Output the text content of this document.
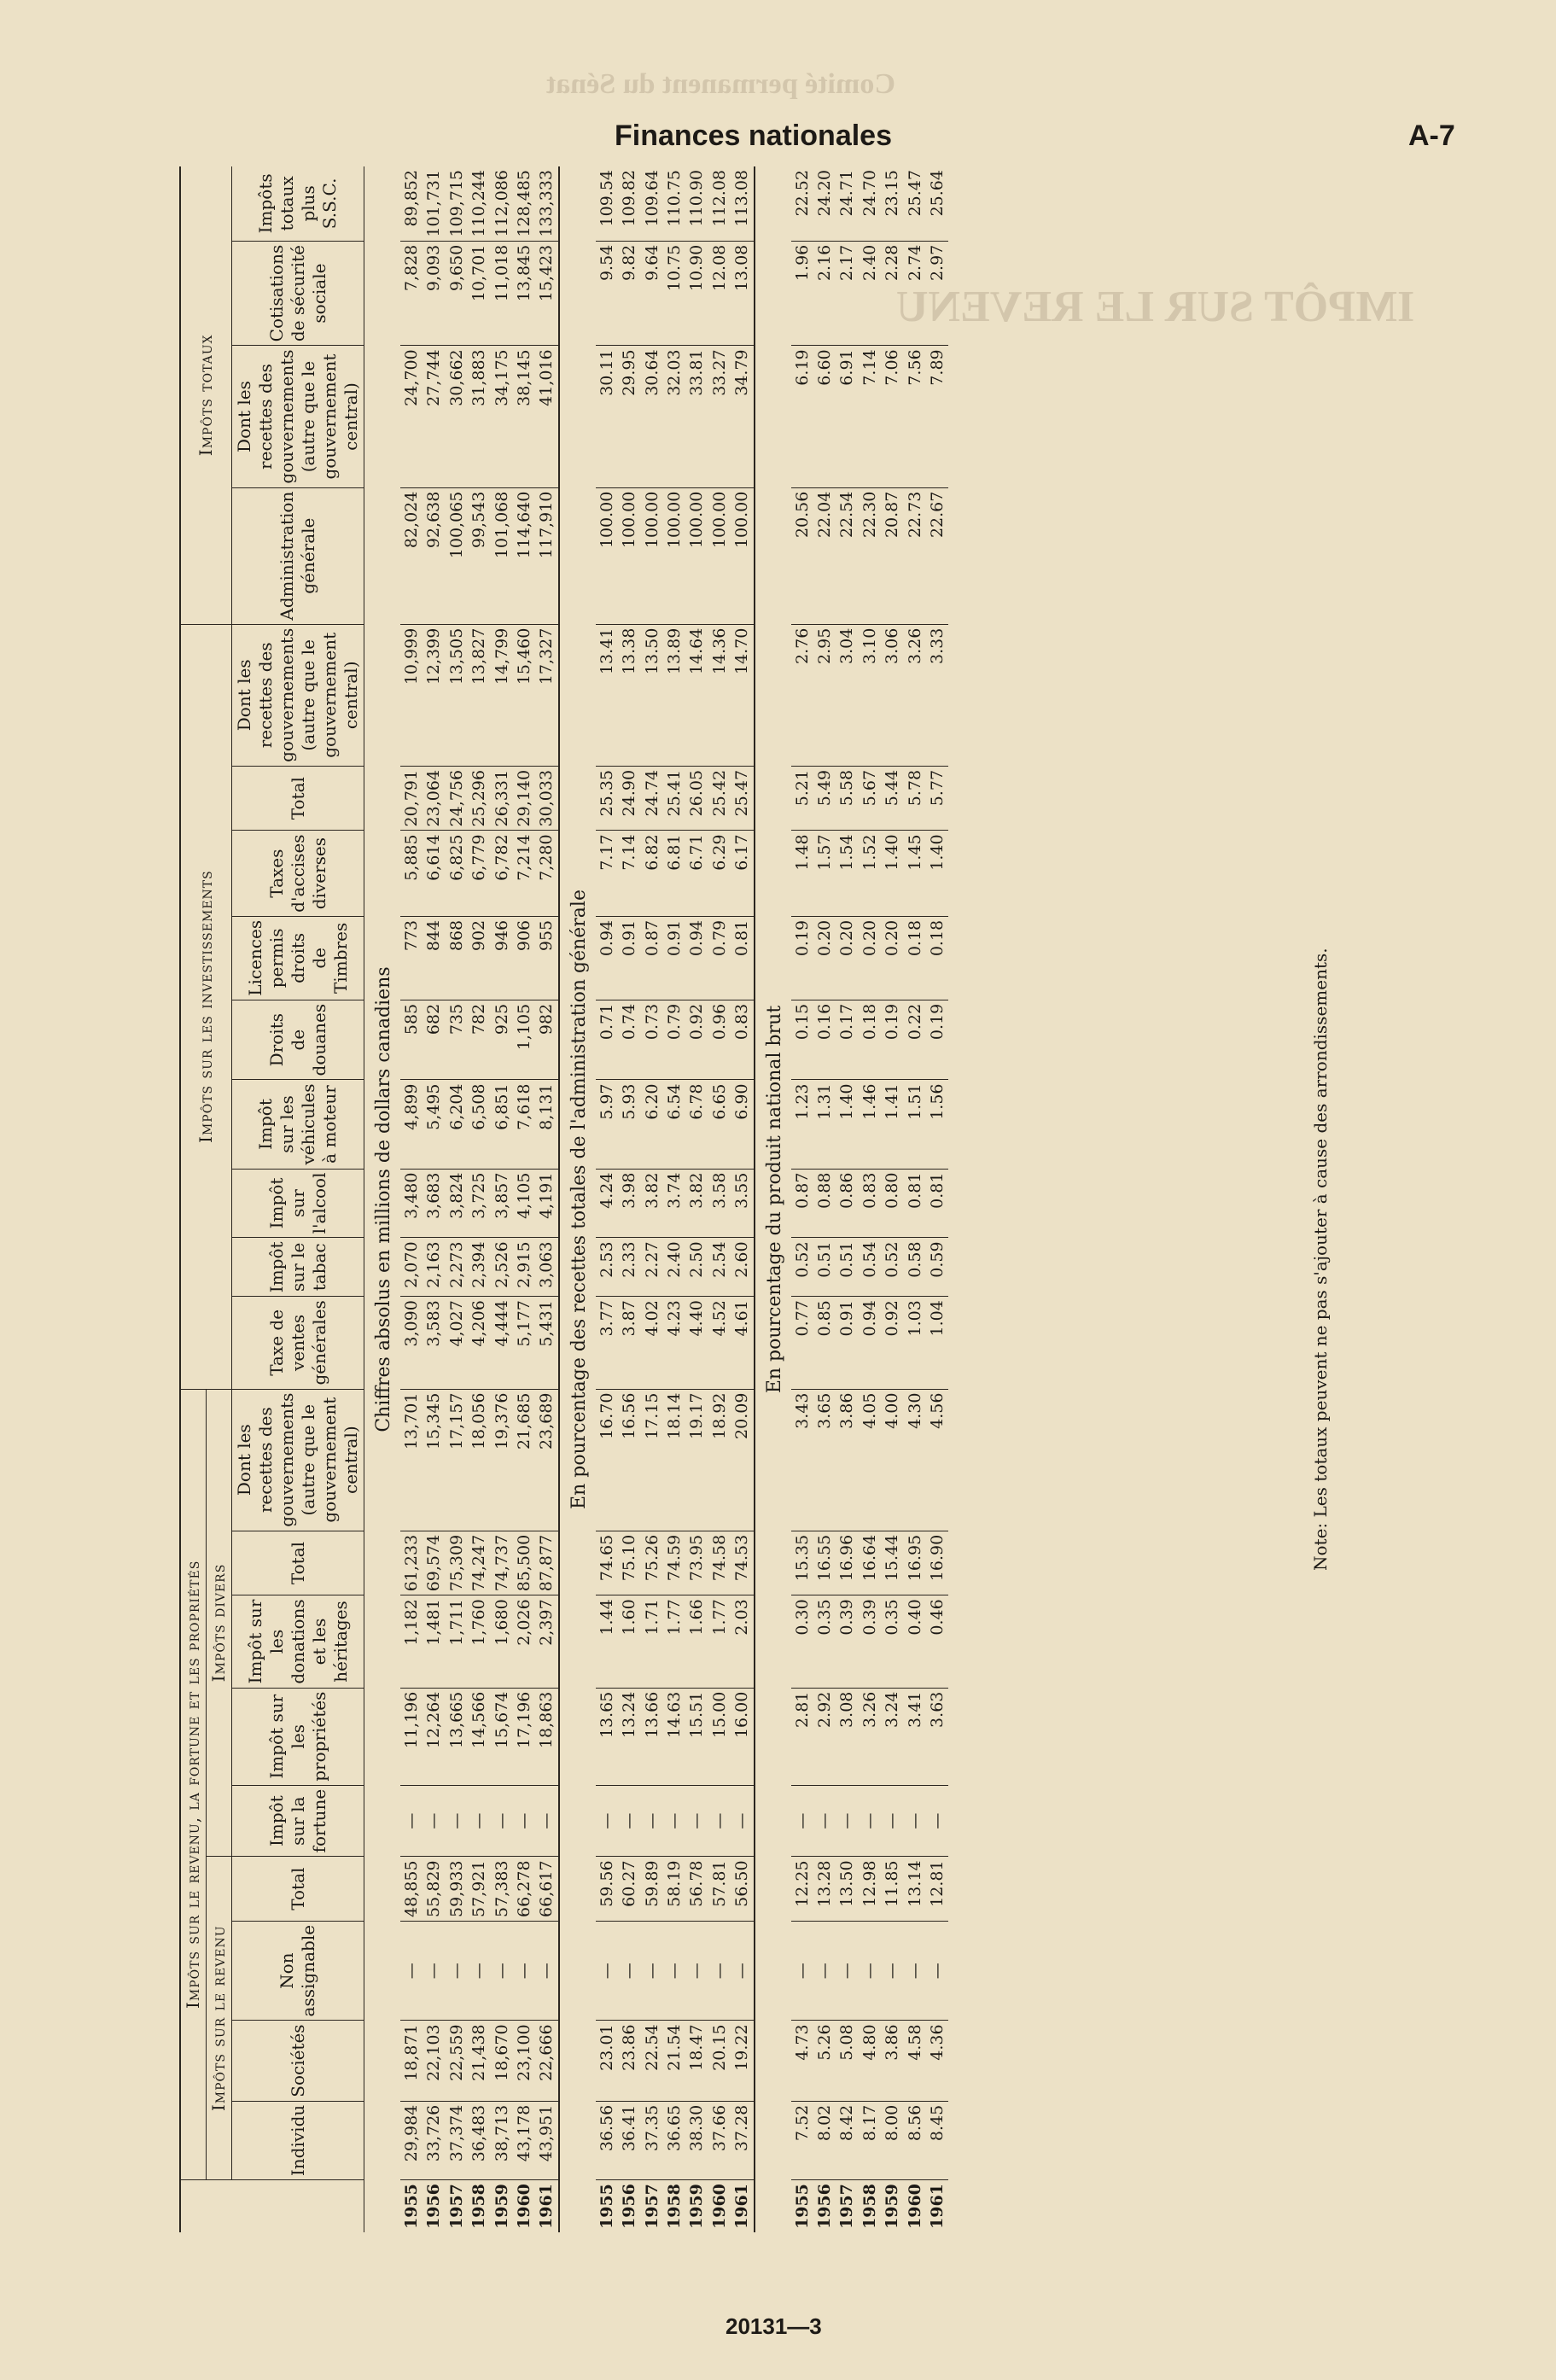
Comité permanent du Sénat
IMPÔT SUR LE REVENU
Finances nationales	A-7
	Impôts sur le revenu, la fortune et les propriétés									Impôts sur les investissements									Impôts totaux			
	Impôts sur le revenu				Impôts divers																	
	Individu	Sociétés	Non assignable	Total	Impôt sur la fortune	Impôt sur les propriétés	Impôt sur les donations et les héritages	Total	Dont les recettes des gouvernements (autre que le gouvernement central)	Taxe de ventes générales	Impôt sur le tabac	Impôt sur l'alcool	Impôt sur les véhicules à moteur	Droits de douanes	Licences permis droits de Timbres	Taxes d'accises diverses	Total	Dont les recettes des gouvernements (autre que le gouvernement central)	Administration générale	Dont les recettes des gouvernements (autre que le gouvernement central)	Cotisations de sécurité sociale	Impôts totaux plus S.S.C.
Chiffres absolus en millions de dollars canadiens																						
1955	29,984	18,871	—	48,855	—	11,196	1,182	61,233	13,701	3,090	2,070	3,480	4,899	585	773	5,885	20,791	10,999	82,024	24,700	7,828	89,852
1956	33,726	22,103	—	55,829	—	12,264	1,481	69,574	15,345	3,583	2,163	3,683	5,495	682	844	6,614	23,064	12,399	92,638	27,744	9,093	101,731
1957	37,374	22,559	—	59,933	—	13,665	1,711	75,309	17,157	4,027	2,273	3,824	6,204	735	868	6,825	24,756	13,505	100,065	30,662	9,650	109,715
1958	36,483	21,438	—	57,921	—	14,566	1,760	74,247	18,056	4,206	2,394	3,725	6,508	782	902	6,779	25,296	13,827	99,543	31,883	10,701	110,244
1959	38,713	18,670	—	57,383	—	15,674	1,680	74,737	19,376	4,444	2,526	3,857	6,851	925	946	6,782	26,331	14,799	101,068	34,175	11,018	112,086
1960	43,178	23,100	—	66,278	—	17,196	2,026	85,500	21,685	5,177	2,915	4,105	7,618	1,105	906	7,214	29,140	15,460	114,640	38,145	13,845	128,485
1961	43,951	22,666	—	66,617	—	18,863	2,397	87,877	23,689	5,431	3,063	4,191	8,131	982	955	7,280	30,033	17,327	117,910	41,016	15,423	133,333
En pourcentage des recettes totales de l'administration générale																						
1955	36.56	23.01	—	59.56	—	13.65	1.44	74.65	16.70	3.77	2.53	4.24	5.97	0.71	0.94	7.17	25.35	13.41	100.00	30.11	9.54	109.54
1956	36.41	23.86	—	60.27	—	13.24	1.60	75.10	16.56	3.87	2.33	3.98	5.93	0.74	0.91	7.14	24.90	13.38	100.00	29.95	9.82	109.82
1957	37.35	22.54	—	59.89	—	13.66	1.71	75.26	17.15	4.02	2.27	3.82	6.20	0.73	0.87	6.82	24.74	13.50	100.00	30.64	9.64	109.64
1958	36.65	21.54	—	58.19	—	14.63	1.77	74.59	18.14	4.23	2.40	3.74	6.54	0.79	0.91	6.81	25.41	13.89	100.00	32.03	10.75	110.75
1959	38.30	18.47	—	56.78	—	15.51	1.66	73.95	19.17	4.40	2.50	3.82	6.78	0.92	0.94	6.71	26.05	14.64	100.00	33.81	10.90	110.90
1960	37.66	20.15	—	57.81	—	15.00	1.77	74.58	18.92	4.52	2.54	3.58	6.65	0.96	0.79	6.29	25.42	14.36	100.00	33.27	12.08	112.08
1961	37.28	19.22	—	56.50	—	16.00	2.03	74.53	20.09	4.61	2.60	3.55	6.90	0.83	0.81	6.17	25.47	14.70	100.00	34.79	13.08	113.08
En pourcentage du produit national brut																						
1955	7.52	4.73	—	12.25	—	2.81	0.30	15.35	3.43	0.77	0.52	0.87	1.23	0.15	0.19	1.48	5.21	2.76	20.56	6.19	1.96	22.52
1956	8.02	5.26	—	13.28	—	2.92	0.35	16.55	3.65	0.85	0.51	0.88	1.31	0.16	0.20	1.57	5.49	2.95	22.04	6.60	2.16	24.20
1957	8.42	5.08	—	13.50	—	3.08	0.39	16.96	3.86	0.91	0.51	0.86	1.40	0.17	0.20	1.54	5.58	3.04	22.54	6.91	2.17	24.71
1958	8.17	4.80	—	12.98	—	3.26	0.39	16.64	4.05	0.94	0.54	0.83	1.46	0.18	0.20	1.52	5.67	3.10	22.30	7.14	2.40	24.70
1959	8.00	3.86	—	11.85	—	3.24	0.35	15.44	4.00	0.92	0.52	0.80	1.41	0.19	0.20	1.40	5.44	3.06	20.87	7.06	2.28	23.15
1960	8.56	4.58	—	13.14	—	3.41	0.40	16.95	4.30	1.03	0.58	0.81	1.51	0.22	0.18	1.45	5.78	3.26	22.73	7.56	2.74	25.47
1961	8.45	4.36	—	12.81	—	3.63	0.46	16.90	4.56	1.04	0.59	0.81	1.56	0.19	0.18	1.40	5.77	3.33	22.67	7.89	2.97	25.64
Note: Les totaux peuvent ne pas s'ajouter à cause des arrondissements.
20131—3
